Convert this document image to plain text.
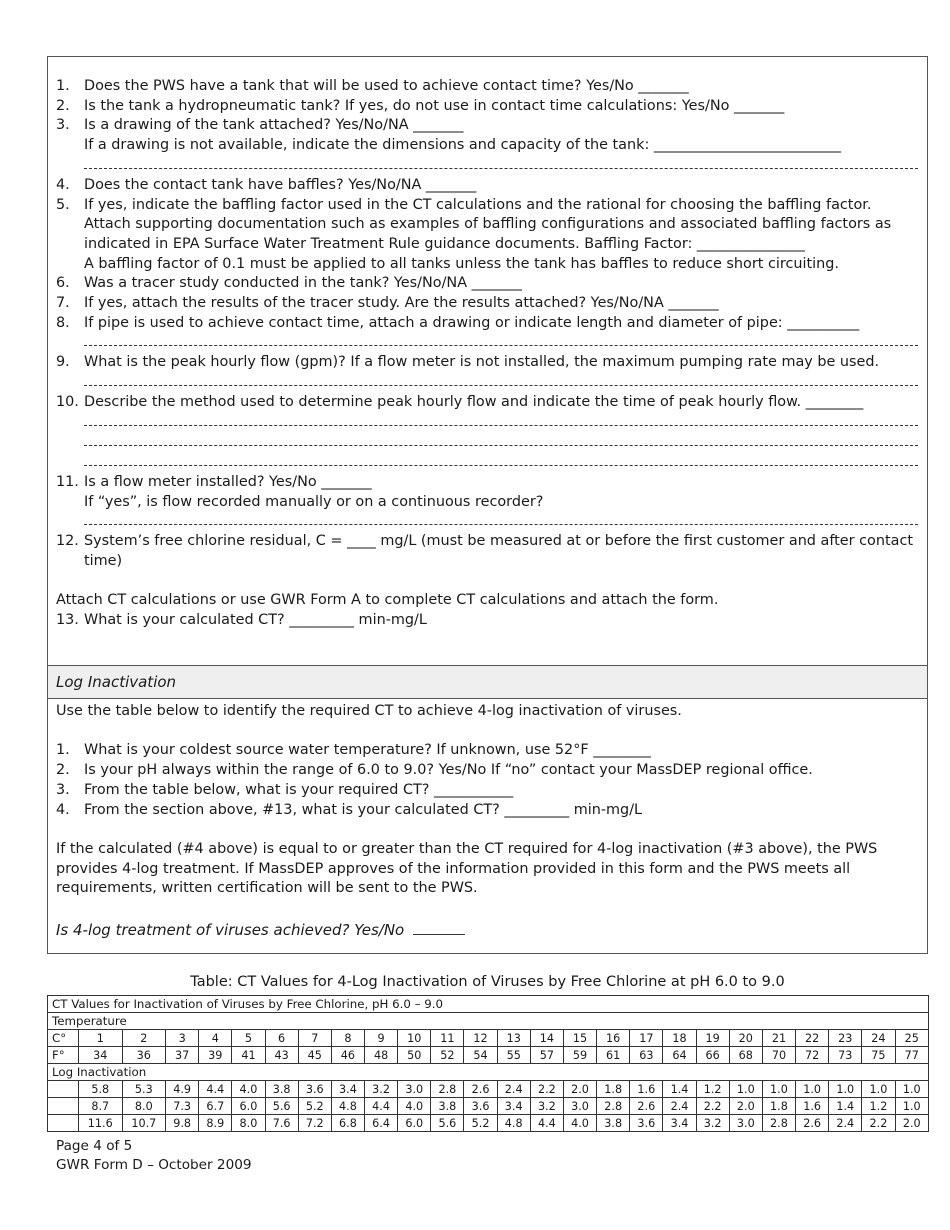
1. Does the PWS have a tank that will be used to achieve contact time? Yes/No _______
2. Is the tank a hydropneumatic tank? If yes, do not use in contact time calculations: Yes/No _______
3. Is a drawing of the tank attached? Yes/No/NA _______
If a drawing is not available, indicate the dimensions and capacity of the tank: __________________________
4. Does the contact tank have baffles? Yes/No/NA _______
5. If yes, indicate the baffling factor used in the CT calculations and the rational for choosing the baffling factor. Attach supporting documentation such as examples of baffling configurations and associated baffling factors as indicated in EPA Surface Water Treatment Rule guidance documents. Baffling Factor: _______________
A baffling factor of 0.1 must be applied to all tanks unless the tank has baffles to reduce short circuiting.
6. Was a tracer study conducted in the tank? Yes/No/NA _______
7. If yes, attach the results of the tracer study. Are the results attached? Yes/No/NA _______
8. If pipe is used to achieve contact time, attach a drawing or indicate length and diameter of pipe: __________
9. What is the peak hourly flow (gpm)? If a flow meter is not installed, the maximum pumping rate may be used.
10. Describe the method used to determine peak hourly flow and indicate the time of peak hourly flow. ________
11. Is a flow meter installed? Yes/No _______
If “yes”, is flow recorded manually or on a continuous recorder?
12. System’s free chlorine residual, C = ____ mg/L (must be measured at or before the first customer and after contact time)
Attach CT calculations or use GWR Form A to complete CT calculations and attach the form.
13. What is your calculated CT? _________ min-mg/L
Log Inactivation
Use the table below to identify the required CT to achieve 4-log inactivation of viruses.
1. What is your coldest source water temperature? If unknown, use 52°F ________
2. Is your pH always within the range of 6.0 to 9.0? Yes/No If “no” contact your MassDEP regional office.
3. From the table below, what is your required CT? ___________
4. From the section above, #13, what is your calculated CT? _________ min-mg/L
If the calculated (#4 above) is equal to or greater than the CT required for 4-log inactivation (#3 above), the PWS provides 4-log treatment. If MassDEP approves of the information provided in this form and the PWS meets all requirements, written certification will be sent to the PWS.
Is 4-log treatment of viruses achieved? Yes/No
Table: CT Values for 4-Log Inactivation of Viruses by Free Chlorine at pH 6.0 to 9.0
CT Values for Inactivation of Viruses by Free Chlorine, pH 6.0 – 9.0																									
Temperature																									
C°	1	2	3	4	5	6	7	8	9	10	11	12	13	14	15	16	17	18	19	20	21	22	23	24	25
F°	34	36	37	39	41	43	45	46	48	50	52	54	55	57	59	61	63	64	66	68	70	72	73	75	77
Log Inactivation																									
	5.8	5.3	4.9	4.4	4.0	3.8	3.6	3.4	3.2	3.0	2.8	2.6	2.4	2.2	2.0	1.8	1.6	1.4	1.2	1.0	1.0	1.0	1.0	1.0	1.0
	8.7	8.0	7.3	6.7	6.0	5.6	5.2	4.8	4.4	4.0	3.8	3.6	3.4	3.2	3.0	2.8	2.6	2.4	2.2	2.0	1.8	1.6	1.4	1.2	1.0
	11.6	10.7	9.8	8.9	8.0	7.6	7.2	6.8	6.4	6.0	5.6	5.2	4.8	4.4	4.0	3.8	3.6	3.4	3.2	3.0	2.8	2.6	2.4	2.2	2.0
Page 4 of 5
GWR Form D – October 2009
